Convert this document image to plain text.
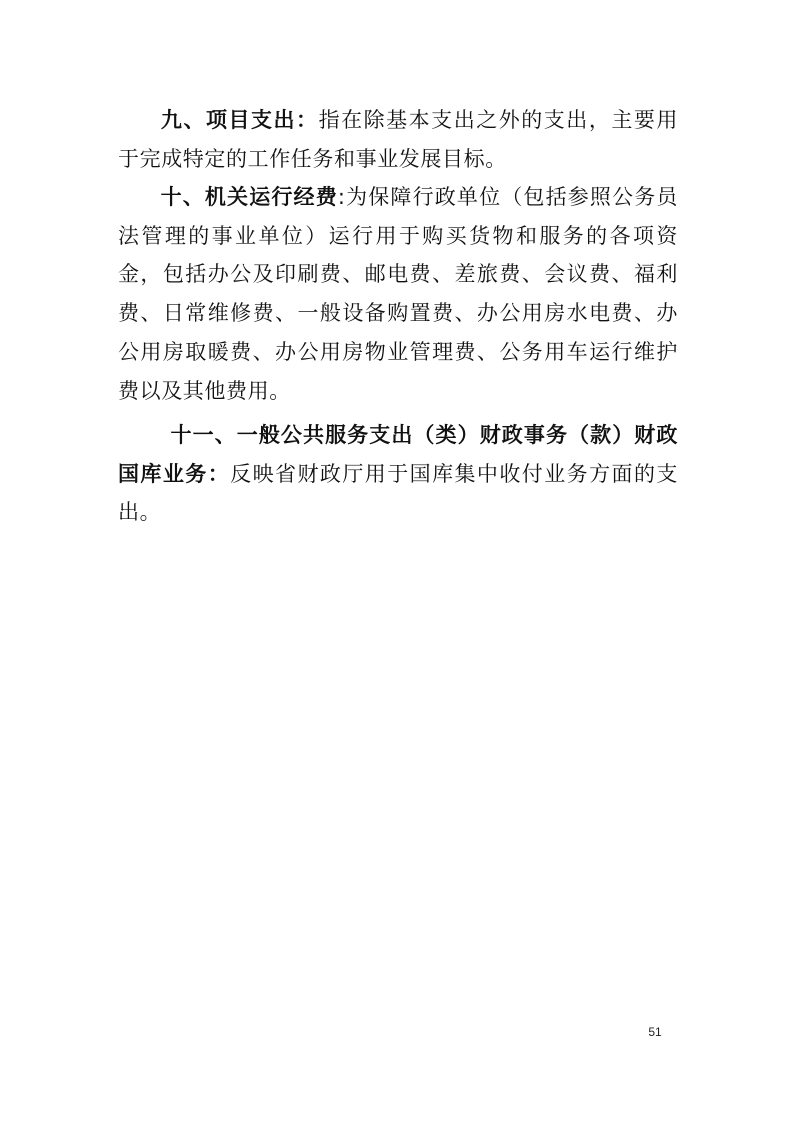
九、项目支出：指在除基本支出之外的支出，主要用于完成特定的工作任务和事业发展目标。

十、机关运行经费:为保障行政单位（包括参照公务员法管理的事业单位）运行用于购买货物和服务的各项资金，包括办公及印刷费、邮电费、差旅费、会议费、福利费、日常维修费、一般设备购置费、办公用房水电费、办公用房取暖费、办公用房物业管理费、公务用车运行维护费以及其他费用。

十一、一般公共服务支出（类）财政事务（款）财政国库业务：反映省财政厅用于国库集中收付业务方面的支出。

51
